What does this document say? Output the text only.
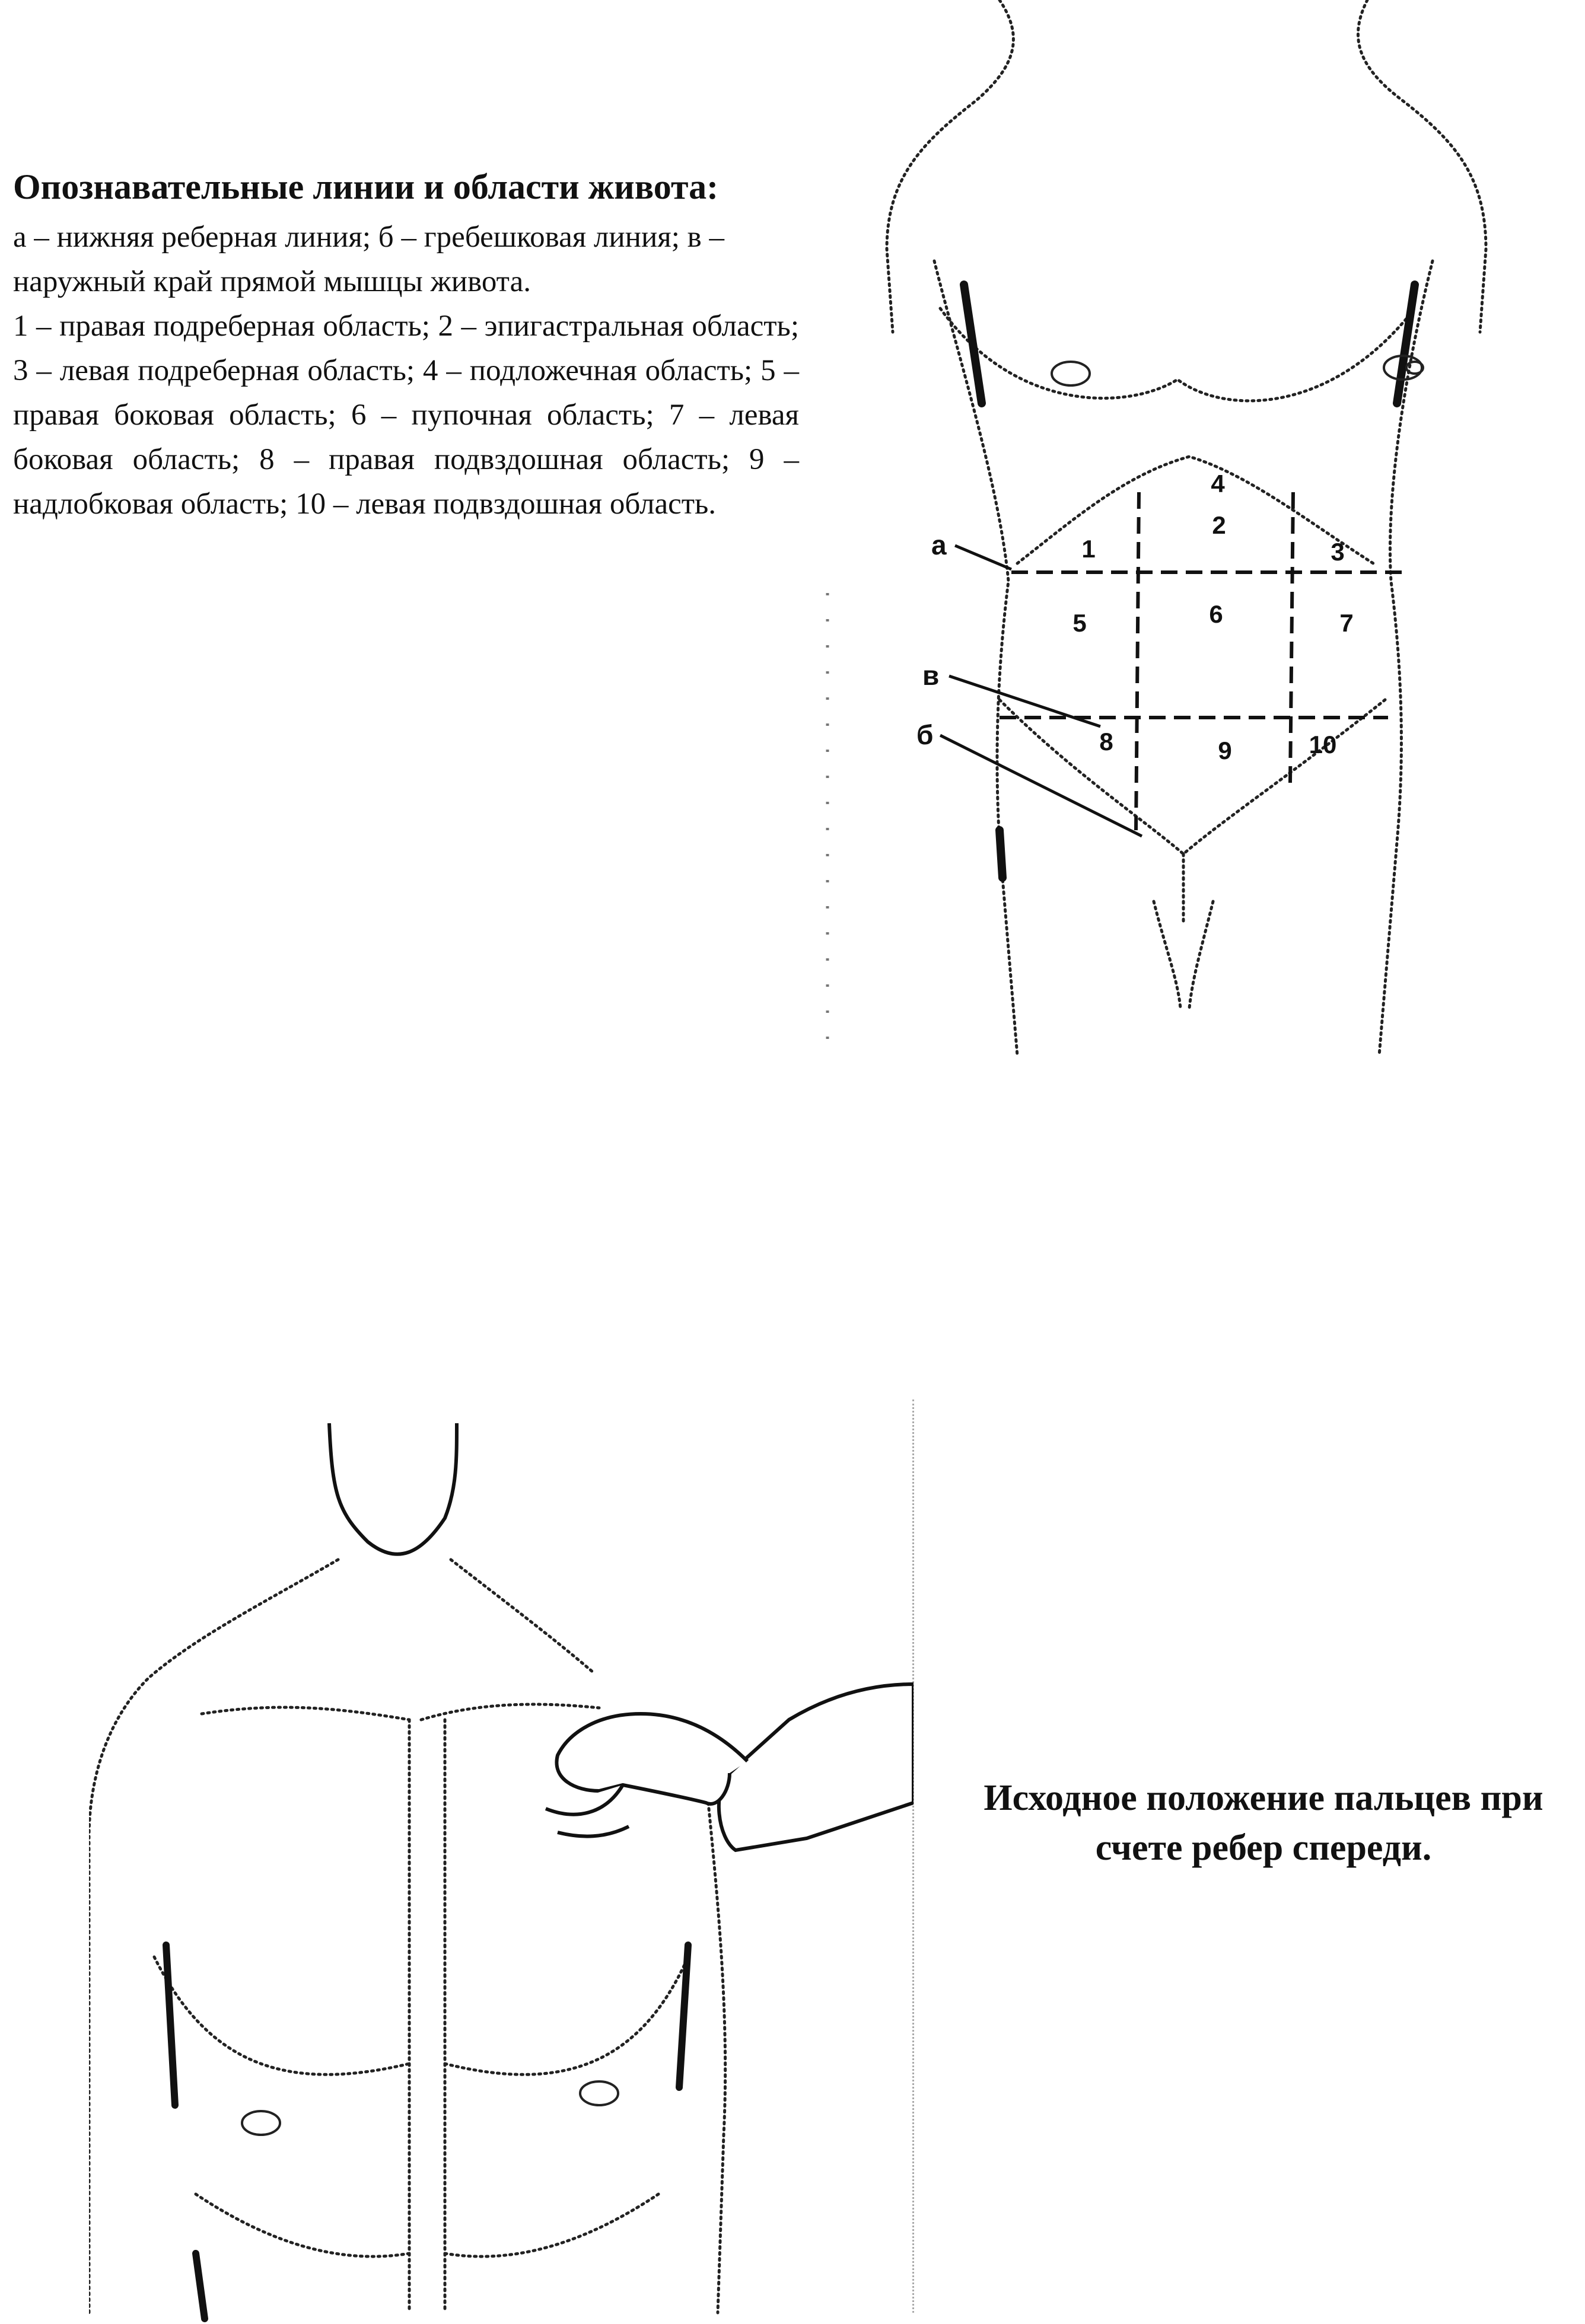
Опознавательные линии и области живота:

а – нижняя реберная линия; б – гребешковая линия; в – наружный край прямой мышцы живота.

1 – правая подреберная область; 2 – эпигастральная область; 3 – левая подреберная область; 4 – подложечная область; 5 – правая боковая область; 6 – пупочная область; 7 – левая боковая область; 8 – правая подвздошная область; 9 – надлобковая область; 10 – левая подвздошная область.

а
в
б
1
2
3
4
5	6	7
8	9	10
Исходное положение пальцев при счете ребер спереди.
